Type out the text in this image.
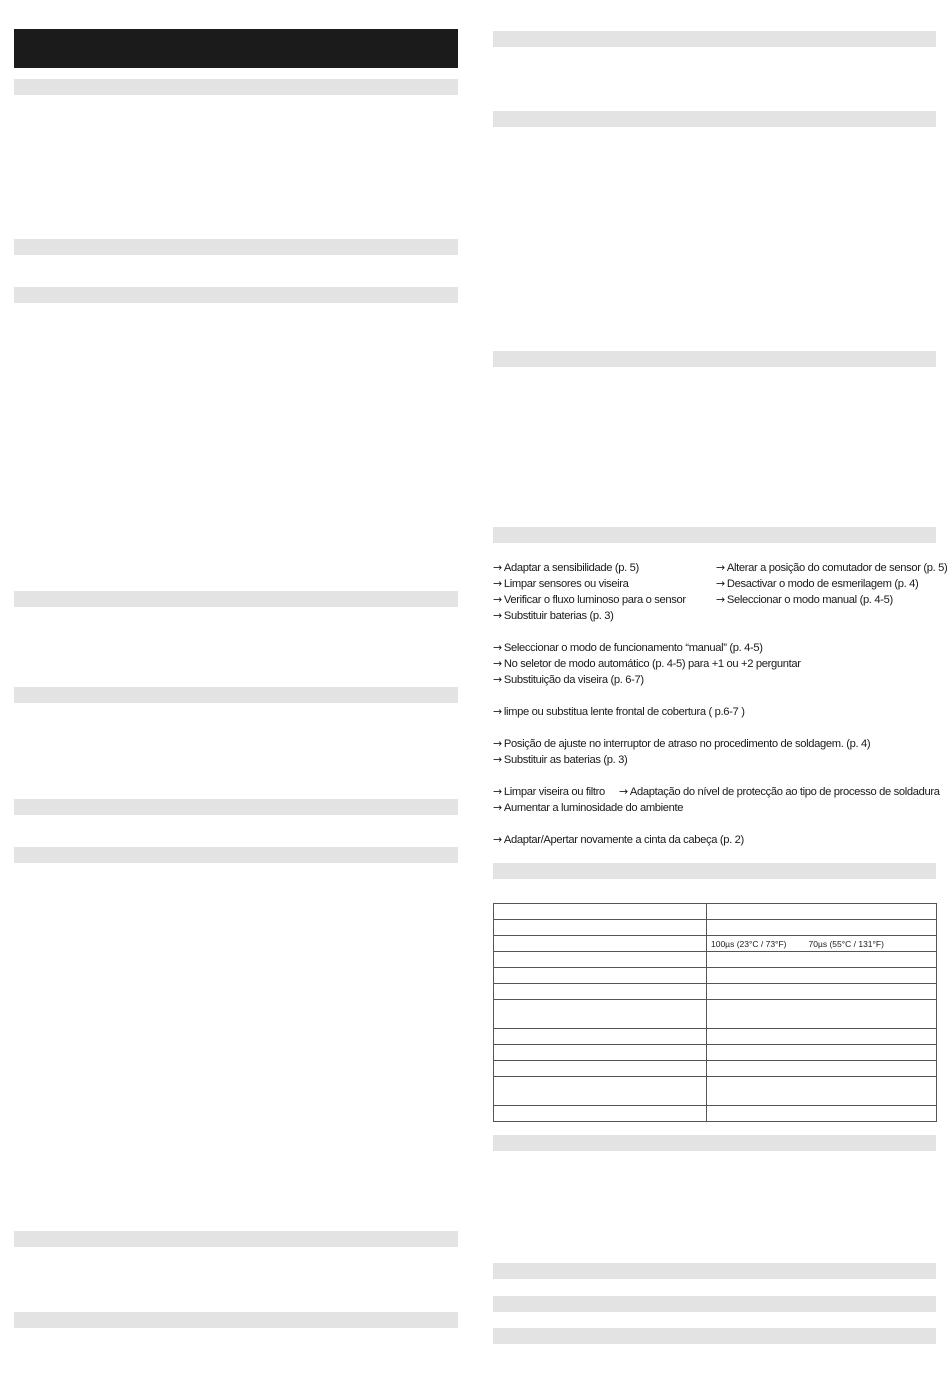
→ Adaptar a sensibilidade (p. 5)
→ Limpar sensores ou viseira
→ Verificar o fluxo luminoso para o sensor
→ Substituir baterias (p. 3)
→ Alterar a posição do comutador de sensor (p. 5)
→ Desactivar o modo de esmerilagem (p. 4)
→ Seleccionar o modo manual (p. 4-5)
→ Seleccionar o modo de funcionamento “manual” (p. 4-5)
→ No seletor de modo automático (p. 4-5) para +1 ou +2 perguntar
→ Substituição da viseira (p. 6-7)
→ limpe ou substitua lente frontal de cobertura ( p.6-7 )
→ Posição de ajuste no interruptor de atraso no procedimento de soldagem. (p. 4)
→ Substituir as baterias (p. 3)
→ Limpar viseira ou filtro → Adaptação do nível de protecção ao tipo de processo de soldadura
→ Aumentar a luminosidade do ambiente
→ Adaptar/Apertar novamente a cinta da cabeça (p. 2)

	100µs (23°C / 73°F) 70µs (55°C / 131°F)
